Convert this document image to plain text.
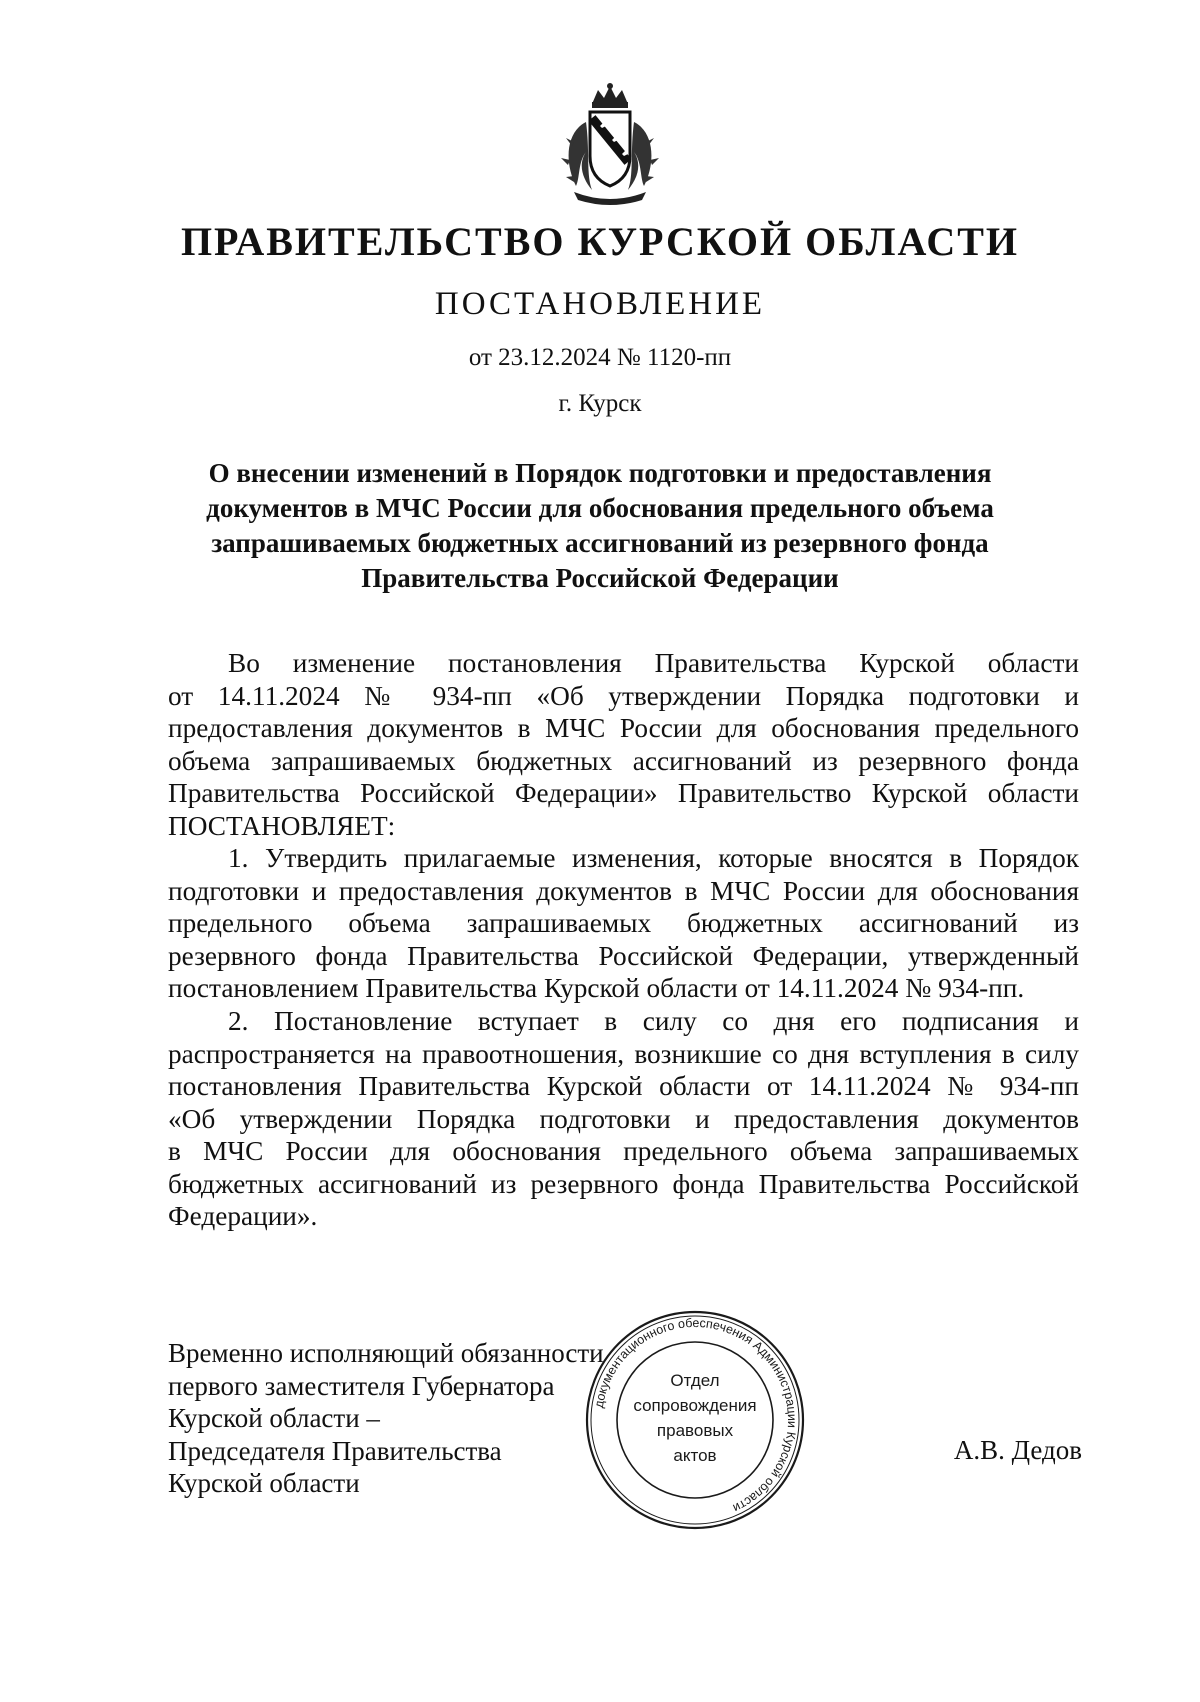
ПРАВИТЕЛЬСТВО КУРСКОЙ ОБЛАСТИ
ПОСТАНОВЛЕНИЕ
от 23.12.2024 № 1120-пп
г. Курск
О внесении изменений в Порядок подготовки и предоставления
документов в МЧС России для обоснования предельного объема
запрашиваемых бюджетных ассигнований из резервного фонда
Правительства Российской Федерации
Во изменение постановления Правительства Курской области
от 14.11.2024 № 934-пп «Об утверждении Порядка подготовки и
предоставления документов в МЧС России для обоснования предельного
объема запрашиваемых бюджетных ассигнований из резервного фонда
Правительства Российской Федерации» Правительство Курской области
ПОСТАНОВЛЯЕТ:
1. Утвердить прилагаемые изменения, которые вносятся в Порядок
подготовки и предоставления документов в МЧС России для обоснования
предельного объема запрашиваемых бюджетных ассигнований из
резервного фонда Правительства Российской Федерации, утвержденный
постановлением Правительства Курской области от 14.11.2024 № 934-пп.
2. Постановление вступает в силу со дня его подписания и
распространяется на правоотношения, возникшие со дня вступления в силу
постановления Правительства Курской области от 14.11.2024 № 934-пп
«Об утверждении Порядка подготовки и предоставления документов
в МЧС России для обоснования предельного объема запрашиваемых
бюджетных ассигнований из резервного фонда Правительства Российской
Федерации».
документационного обеспечения Администрации Курской области
Отдел
сопровождения
правовых
актов
Временно исполняющий обязанности
первого заместителя Губернатора
Курской области –
Председателя Правительства
Курской области
А.В. Дедов
